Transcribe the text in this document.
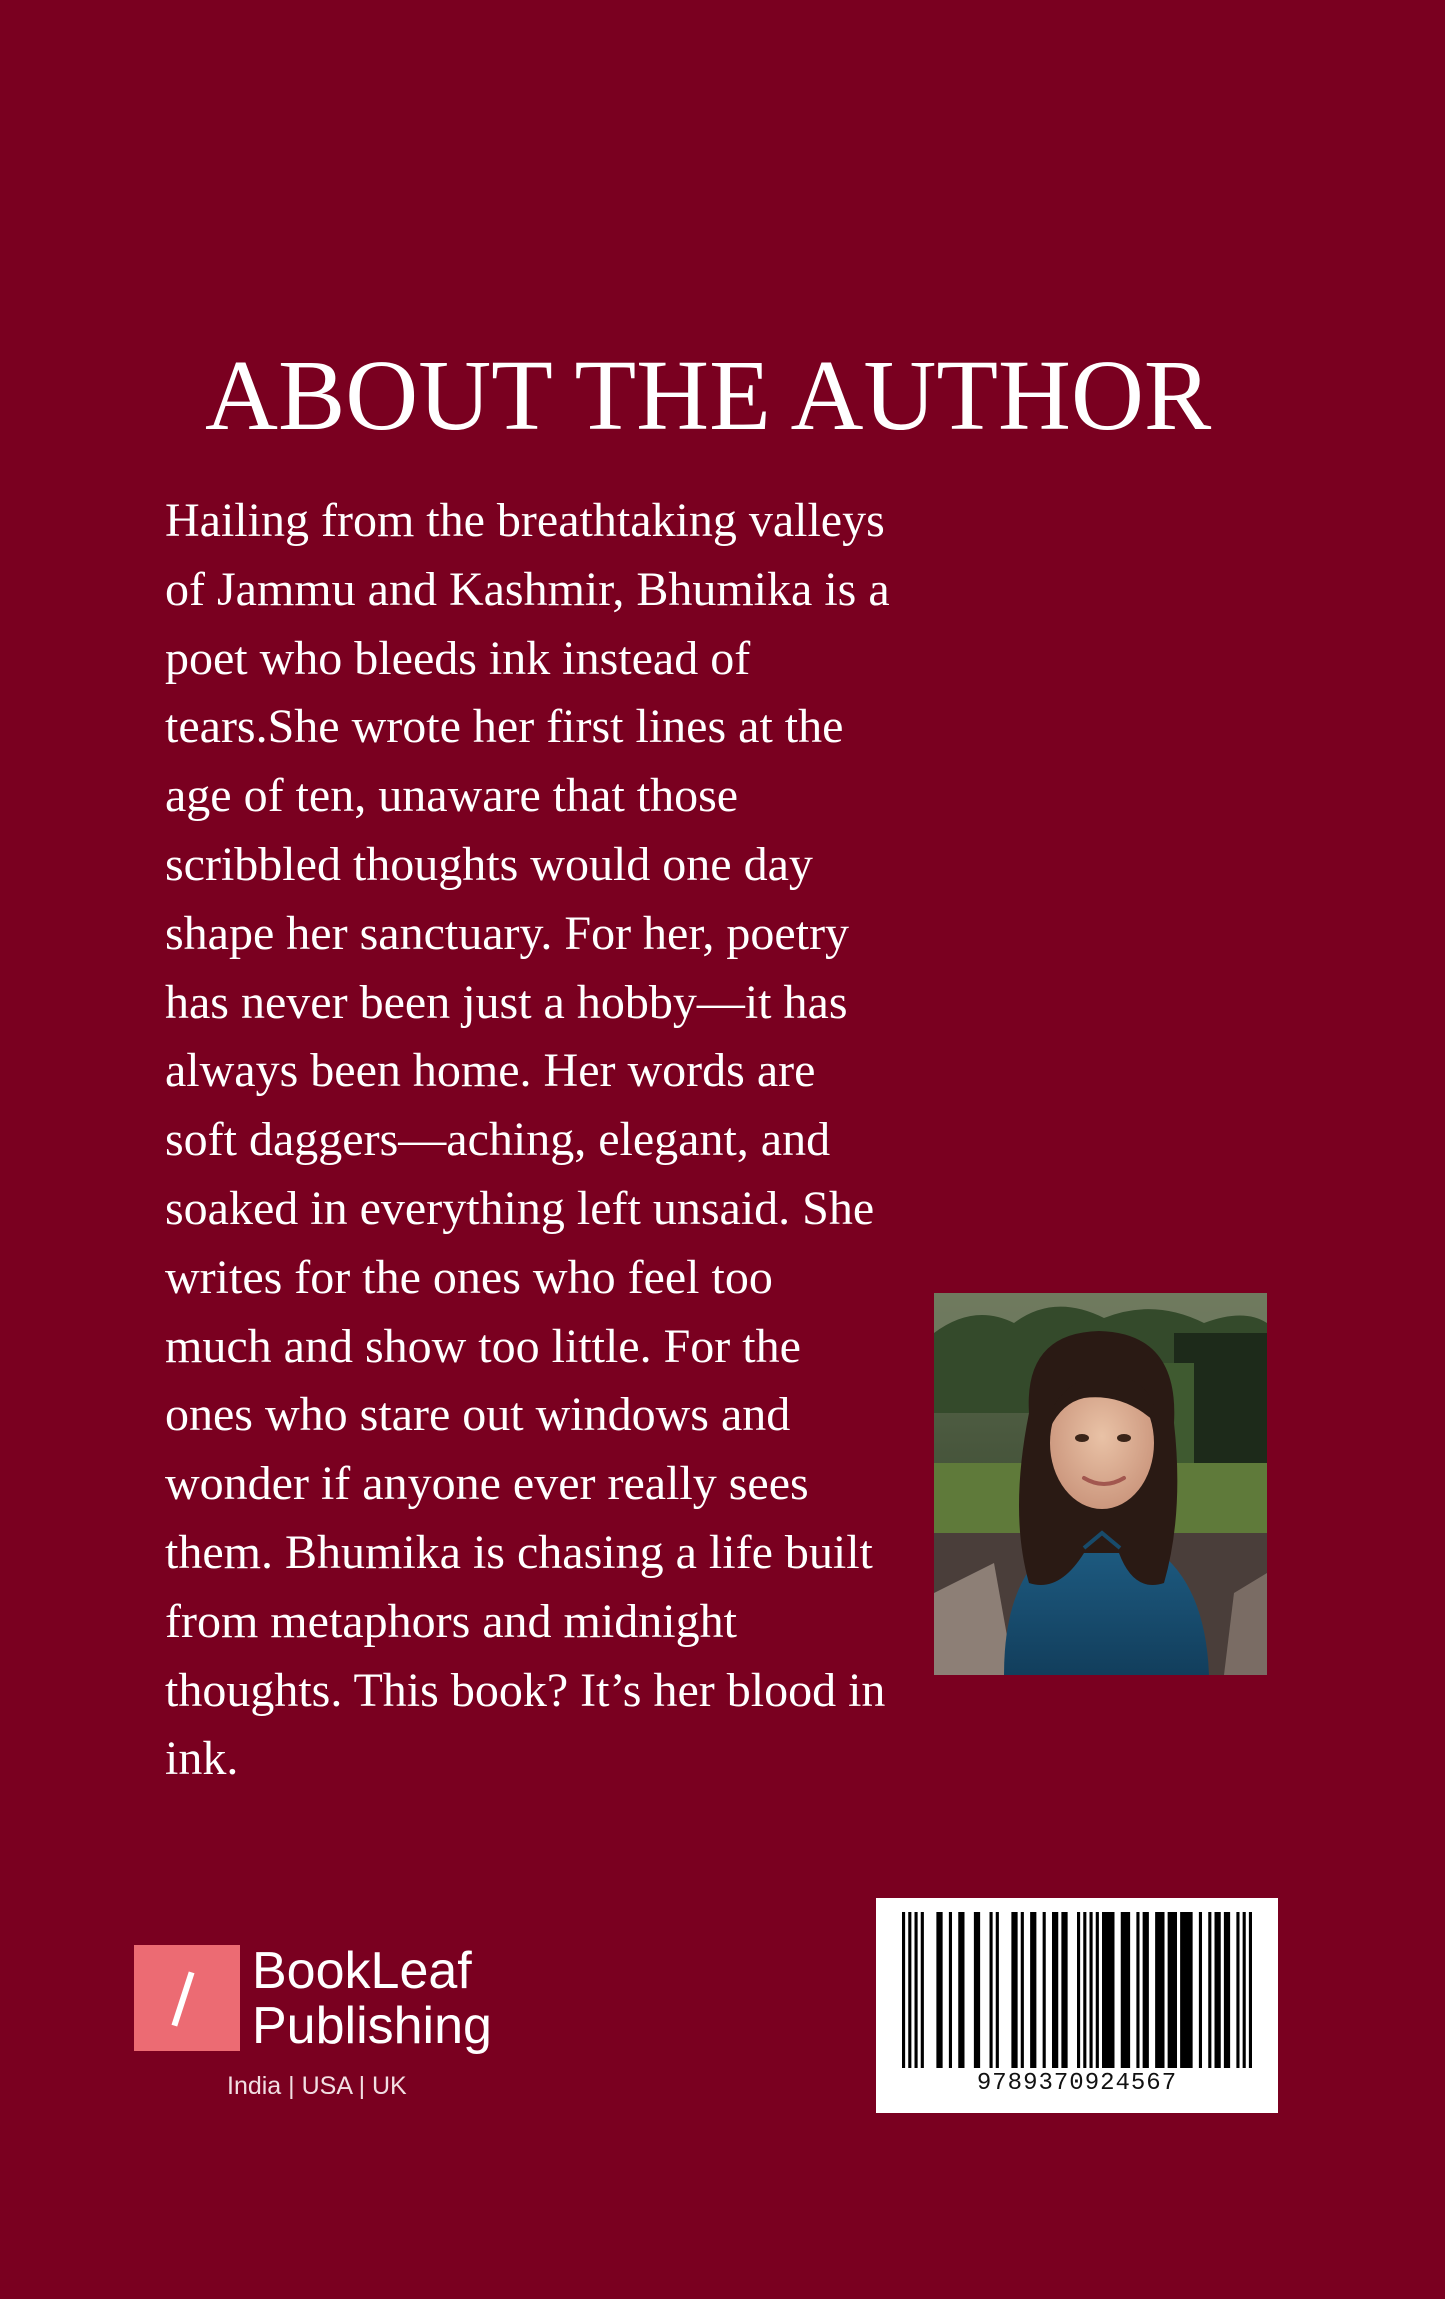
ABOUT THE AUTHOR

Hailing from the breathtaking valleys
of Jammu and Kashmir, Bhumika is a
poet who bleeds ink instead of
tears.She wrote her first lines at the
age of ten, unaware that those
scribbled thoughts would one day
shape her sanctuary. For her, poetry
has never been just a hobby—it has
always been home. Her words are
soft daggers—aching, elegant, and
soaked in everything left unsaid. She
writes for the ones who feel too
much and show too little. For the
ones who stare out windows and
wonder if anyone ever really sees
them. Bhumika is chasing a life built
from metaphors and midnight
thoughts. This book? It’s her blood in
ink.

BookLeaf
Publishing
India | USA | UK	9789370924567
